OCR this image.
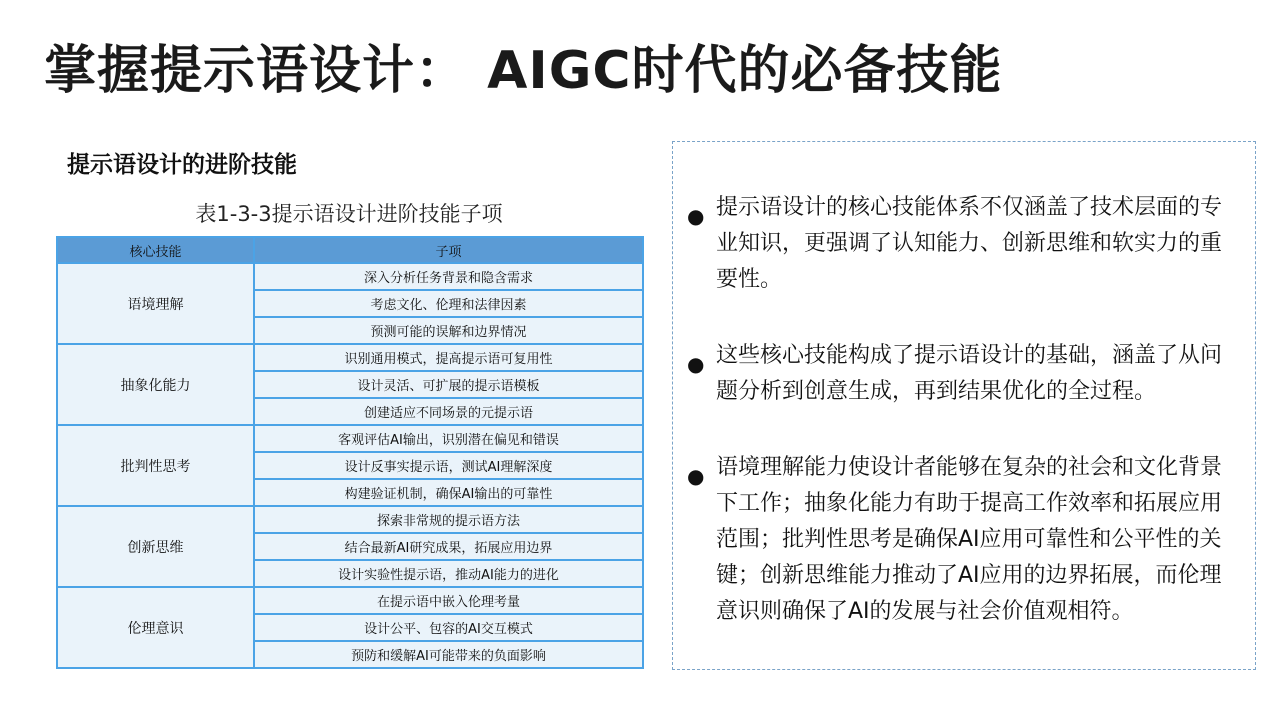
掌握提示语设计： AIGC时代的必备技能
提示语设计的进阶技能
表1-3-3提示语设计进阶技能子项
核心技能	子项
语境理解	深入分析任务背景和隐含需求
	考虑文化、伦理和法律因素
	预测可能的误解和边界情况
抽象化能力	识别通用模式，提高提示语可复用性
	设计灵活、可扩展的提示语模板
	创建适应不同场景的元提示语
批判性思考	客观评估AI输出，识别潜在偏见和错误
	设计反事实提示语，测试AI理解深度
	构建验证机制，确保AI输出的可靠性
创新思维	探索非常规的提示语方法
	结合最新AI研究成果，拓展应用边界
	设计实验性提示语，推动AI能力的进化
伦理意识	在提示语中嵌入伦理考量
	设计公平、包容的AI交互模式
	预防和缓解AI可能带来的负面影响
● 提示语设计的核心技能体系不仅涵盖了技术层面的专　业知识，更强调了认知能力、创新思维和软实力的重　要性。
● 这些核心技能构成了提示语设计的基础，涵盖了从问　题分析到创意生成，再到结果优化的全过程。
● 语境理解能力使设计者能够在复杂的社会和文化背景　下工作；抽象化能力有助于提高工作效率和拓展应用　范围；批判性思考是确保AI应用可靠性和公平性的关　键；创新思维能力推动了AI应用的边界拓展，而伦理　意识则确保了AI的发展与社会价值观相符。
